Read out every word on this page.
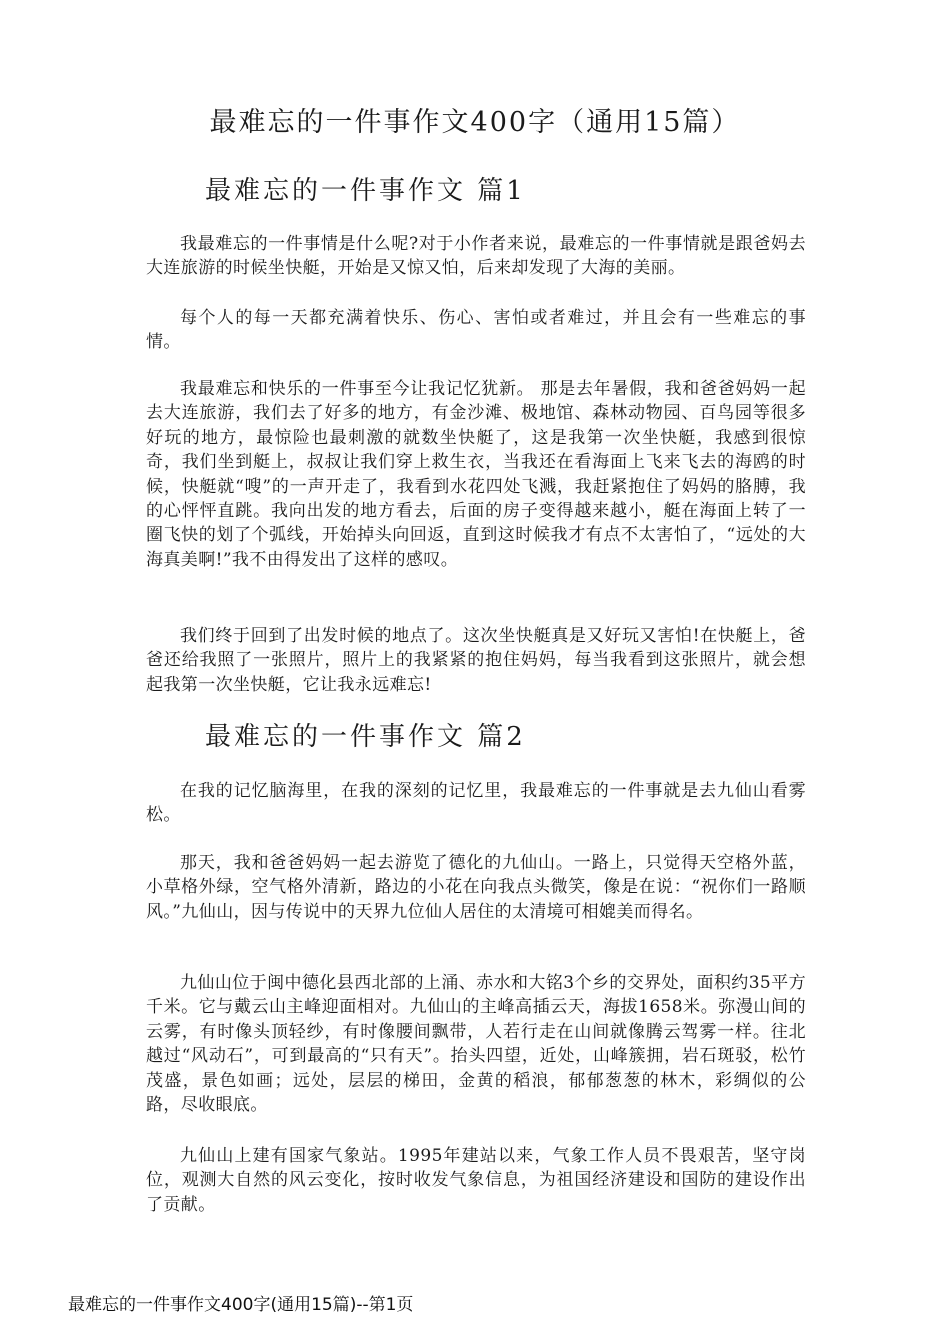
最难忘的一件事作文400字（通用15篇）
最难忘的一件事作文 篇1

我最难忘的一件事情是什么呢?对于小作者来说，最难忘的一件事情就是跟爸妈去大连旅游的时候坐快艇，开始是又惊又怕，后来却发现了大海的美丽。

每个人的每一天都充满着快乐、伤心、害怕或者难过，并且会有一些难忘的事情。

我最难忘和快乐的一件事至今让我记忆犹新。 那是去年暑假，我和爸爸妈妈一起去大连旅游，我们去了好多的地方，有金沙滩、极地馆、森林动物园、百鸟园等很多好玩的地方，最惊险也最刺激的就数坐快艇了，这是我第一次坐快艇，我感到很惊奇，我们坐到艇上，叔叔让我们穿上救生衣，当我还在看海面上飞来飞去的海鸥的时候，快艇就“嗖”的一声开走了，我看到水花四处飞溅，我赶紧抱住了妈妈的胳膊，我的心怦怦直跳。我向出发的地方看去，后面的房子变得越来越小，艇在海面上转了一圈飞快的划了个弧线，开始掉头向回返，直到这时候我才有点不太害怕了，“远处的大海真美啊!”我不由得发出了这样的感叹。

我们终于回到了出发时候的地点了。这次坐快艇真是又好玩又害怕!在快艇上，爸爸还给我照了一张照片，照片上的我紧紧的抱住妈妈，每当我看到这张照片，就会想起我第一次坐快艇，它让我永远难忘!

最难忘的一件事作文 篇2

在我的记忆脑海里，在我的深刻的记忆里，我最难忘的一件事就是去九仙山看雾松。

那天，我和爸爸妈妈一起去游览了德化的九仙山。一路上，只觉得天空格外蓝，小草格外绿，空气格外清新，路边的小花在向我点头微笑，像是在说：“祝你们一路顺风。”九仙山，因与传说中的天界九位仙人居住的太清境可相媲美而得名。

九仙山位于闽中德化县西北部的上涌、赤水和大铭3个乡的交界处，面积约35平方千米。它与戴云山主峰迎面相对。九仙山的主峰高插云天，海拔1658米。弥漫山间的云雾，有时像头顶轻纱，有时像腰间飘带，人若行走在山间就像腾云驾雾一样。往北越过“风动石”，可到最高的“只有天”。抬头四望，近处，山峰簇拥，岩石斑驳，松竹茂盛，景色如画；远处，层层的梯田，金黄的稻浪，郁郁葱葱的林木，彩绸似的公路，尽收眼底。

九仙山上建有国家气象站。1995年建站以来，气象工作人员不畏艰苦，坚守岗位，观测大自然的风云变化，按时收发气象信息，为祖国经济建设和国防的建设作出了贡献。

最难忘的一件事作文400字(通用15篇)--第1页
